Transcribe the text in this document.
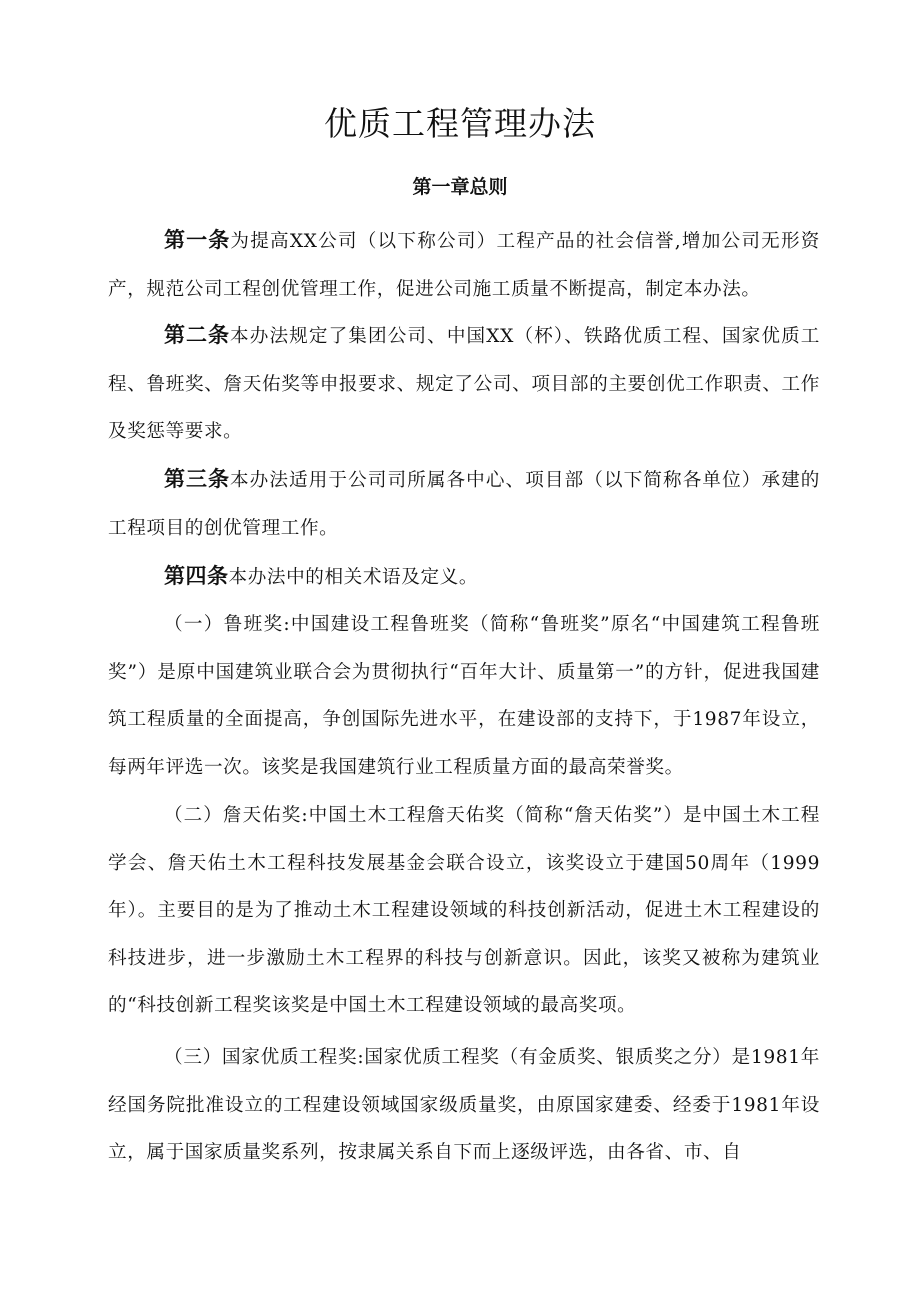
优质工程管理办法
第一章总则

第一条为提高XX公司（以下称公司）工程产品的社会信誉,增加公司无形资产，规范公司工程创优管理工作，促进公司施工质量不断提高，制定本办法。

第二条本办法规定了集团公司、中国XX（杯）、铁路优质工程、国家优质工程、鲁班奖、詹天佑奖等申报要求、规定了公司、项目部的主要创优工作职责、工作及奖惩等要求。

第三条本办法适用于公司司所属各中心、项目部（以下简称各单位）承建的工程项目的创优管理工作。

第四条本办法中的相关术语及定义。

（一）鲁班奖:中国建设工程鲁班奖（简称“鲁班奖”原名“中国建筑工程鲁班奖”）是原中国建筑业联合会为贯彻执行“百年大计、质量第一”的方针，促进我国建筑工程质量的全面提高，争创国际先进水平，在建设部的支持下，于1987年设立，每两年评选一次。该奖是我国建筑行业工程质量方面的最高荣誉奖。

（二）詹天佑奖:中国土木工程詹天佑奖（简称“詹天佑奖”）是中国土木工程学会、詹天佑土木工程科技发展基金会联合设立，该奖设立于建国50周年（1999年）。主要目的是为了推动土木工程建设领域的科技创新活动，促进土木工程建设的科技进步，进一步激励土木工程界的科技与创新意识。因此，该奖又被称为建筑业的“科技创新工程奖该奖是中国土木工程建设领域的最高奖项。

（三）国家优质工程奖:国家优质工程奖（有金质奖、银质奖之分）是1981年经国务院批准设立的工程建设领域国家级质量奖，由原国家建委、经委于1981年设立，属于国家质量奖系列，按隶属关系自下而上逐级评选，由各省、市、自
